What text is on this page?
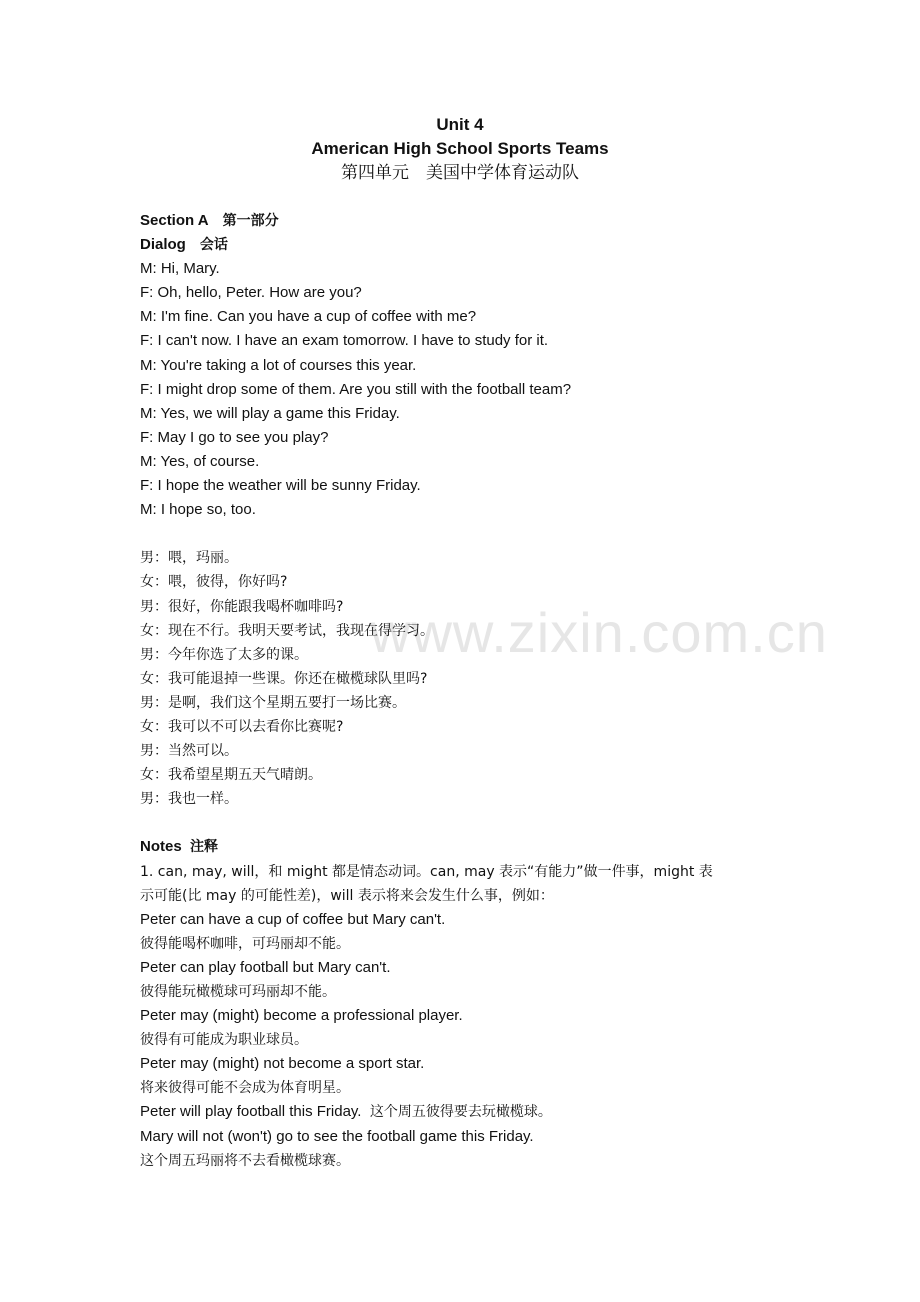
www.zixin.com.cn
Unit 4
American High School Sports Teams
第四单元　美国中学体育运动队
Section A 第一部分
Dialog 会话
M: Hi, Mary.
F: Oh, hello, Peter. How are you?
M: I'm fine. Can you have a cup of coffee with me?
F: I can't now. I have an exam tomorrow. I have to study for it.
M: You're taking a lot of courses this year.
F: I might drop some of them. Are you still with the football team?
M: Yes, we will play a game this Friday.
F: May I go to see you play?
M: Yes, of course.
F: I hope the weather will be sunny Friday.
M: I hope so, too.
男：喂，玛丽。
女：喂，彼得，你好吗?
男：很好，你能跟我喝杯咖啡吗?
女：现在不行。我明天要考试，我现在得学习。
男：今年你选了太多的课。
女：我可能退掉一些课。你还在橄榄球队里吗?
男：是啊，我们这个星期五要打一场比赛。
女：我可以不可以去看你比赛呢?
男：当然可以。
女：我希望星期五天气晴朗。
男：我也一样。
Notes 注释
1. can, may, will，和 might 都是情态动词。can, may 表示“有能力”做一件事，might 表
示可能(比 may 的可能性差)，will 表示将来会发生什么事，例如：
Peter can have a cup of coffee but Mary can't.
彼得能喝杯咖啡，可玛丽却不能。
Peter can play football but Mary can't.
彼得能玩橄榄球可玛丽却不能。
Peter may (might) become a professional player.
彼得有可能成为职业球员。
Peter may (might) not become a sport star.
将来彼得可能不会成为体育明星。
Peter will play football this Friday. 这个周五彼得要去玩橄榄球。
Mary will not (won't) go to see the football game this Friday.
这个周五玛丽将不去看橄榄球赛。
